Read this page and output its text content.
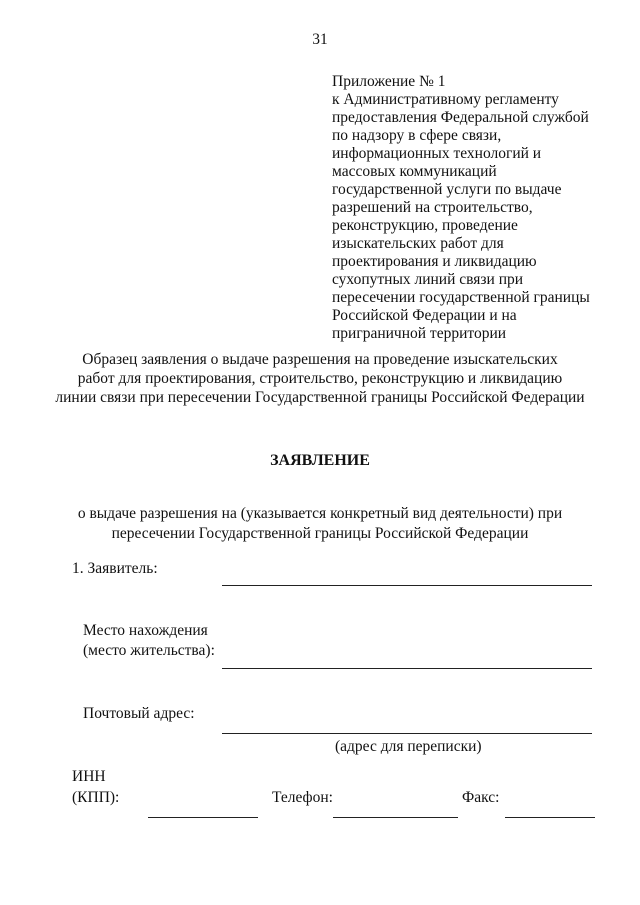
31
Приложение № 1
к Административному регламенту
предоставления Федеральной службой
по надзору в сфере связи,
информационных технологий и
массовых коммуникаций
государственной услуги по выдаче
разрешений на строительство,
реконструкцию, проведение
изыскательских работ для
проектирования и ликвидацию
сухопутных линий связи при
пересечении государственной границы
Российской Федерации и на
приграничной территории
Образец заявления о выдаче разрешения на проведение изыскательских
работ для проектирования, строительство, реконструкцию и ликвидацию
линии связи при пересечении Государственной границы Российской Федерации
ЗАЯВЛЕНИЕ
о выдаче разрешения на (указывается конкретный вид деятельности) при
пересечении Государственной границы Российской Федерации
1. Заявитель:
Место нахождения
(место жительства):
Почтовый адрес:
(адрес для переписки)
ИНН
(КПП):	Телефон:	Факс:
